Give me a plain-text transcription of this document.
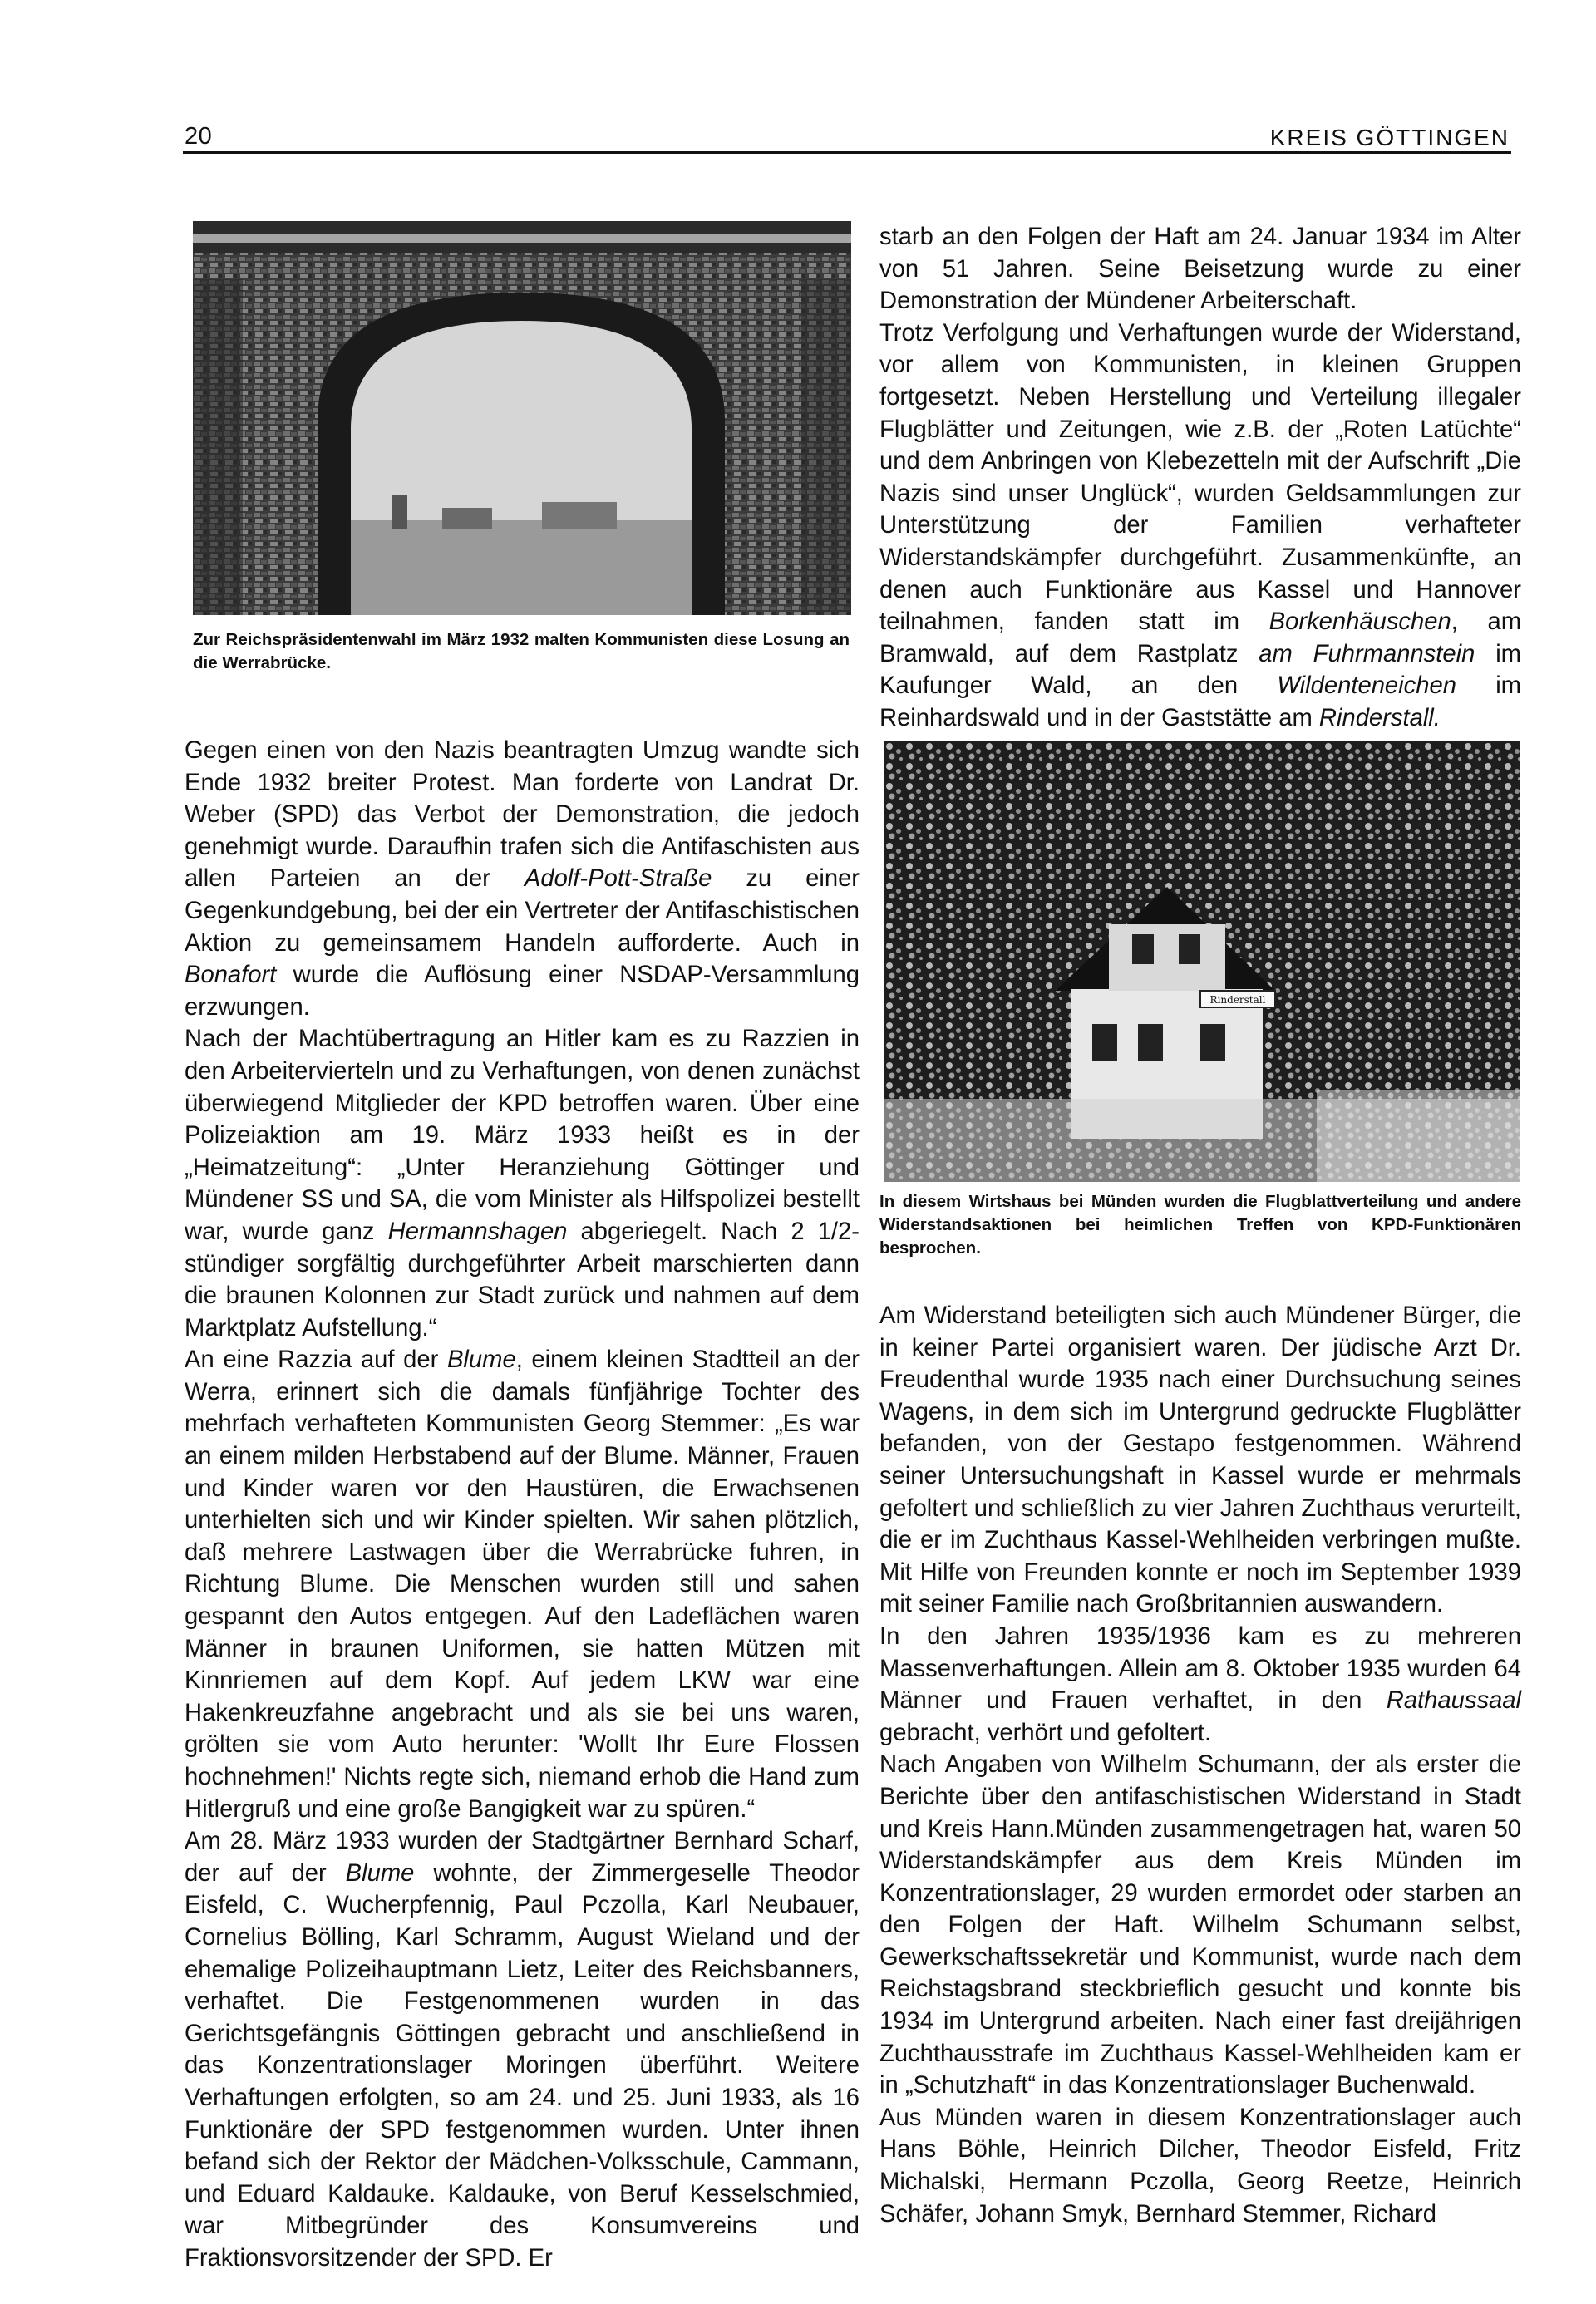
20	KREIS GÖTTINGEN

Zur Reichspräsidentenwahl im März 1932 malten Kommunisten diese Losung an die Werrabrücke.

starb an den Folgen der Haft am 24. Januar 1934 im Alter von 51 Jahren. Seine Beisetzung wurde zu einer Demonstration der Mündener Arbeiterschaft.

Trotz Verfolgung und Verhaftungen wurde der Widerstand, vor allem von Kommunisten, in kleinen Gruppen fortgesetzt. Neben Herstellung und Verteilung illegaler Flugblätter und Zeitungen, wie z.B. der „Roten Latüchte“ und dem Anbringen von Klebezetteln mit der Aufschrift „Die Nazis sind unser Unglück“, wurden Geldsammlungen zur Unterstützung der Familien verhafteter Widerstandskämpfer durchgeführt. Zusammenkünfte, an denen auch Funktionäre aus Kassel und Hannover teilnahmen, fanden statt im Borkenhäuschen, am Bramwald, auf dem Rastplatz am Fuhrmannstein im Kaufunger Wald, an den Wildenteneichen im Reinhardswald und in der Gaststätte am Rinderstall.

Gegen einen von den Nazis beantragten Umzug wandte sich Ende 1932 breiter Protest. Man forderte von Landrat Dr. Weber (SPD) das Verbot der Demonstration, die jedoch genehmigt wurde. Daraufhin trafen sich die Antifaschisten aus allen Parteien an der Adolf-Pott-Straße zu einer Gegenkundgebung, bei der ein Vertreter der Antifaschistischen Aktion zu gemeinsamem Handeln aufforderte. Auch in Bonafort wurde die Auflösung einer NSDAP-Versammlung erzwungen.

Nach der Machtübertragung an Hitler kam es zu Razzien in den Arbeitervierteln und zu Verhaftungen, von denen zunächst überwiegend Mitglieder der KPD betroffen waren. Über eine Polizeiaktion am 19. März 1933 heißt es in der „Heimatzeitung“: „Unter Heranziehung Göttinger und Mündener SS und SA, die vom Minister als Hilfspolizei bestellt war, wurde ganz Hermannshagen abgeriegelt. Nach 2 1/2-stündiger sorgfältig durchgeführter Arbeit marschierten dann die braunen Kolonnen zur Stadt zurück und nahmen auf dem Marktplatz Aufstellung.“

An eine Razzia auf der Blume, einem kleinen Stadtteil an der Werra, erinnert sich die damals fünfjährige Tochter des mehrfach verhafteten Kommunisten Georg Stemmer: „Es war an einem milden Herbstabend auf der Blume. Männer, Frauen und Kinder waren vor den Haustüren, die Erwachsenen unterhielten sich und wir Kinder spielten. Wir sahen plötzlich, daß mehrere Lastwagen über die Werrabrücke fuhren, in Richtung Blume. Die Menschen wurden still und sahen gespannt den Autos entgegen. Auf den Ladeflächen waren Männer in braunen Uniformen, sie hatten Mützen mit Kinnriemen auf dem Kopf. Auf jedem LKW war eine Hakenkreuzfahne angebracht und als sie bei uns waren, grölten sie vom Auto herunter: 'Wollt Ihr Eure Flossen hochnehmen!' Nichts regte sich, niemand erhob die Hand zum Hitlergruß und eine große Bangigkeit war zu spüren.“

Am 28. März 1933 wurden der Stadtgärtner Bernhard Scharf, der auf der Blume wohnte, der Zimmergeselle Theodor Eisfeld, C. Wucherpfennig, Paul Pczolla, Karl Neubauer, Cornelius Bölling, Karl Schramm, August Wieland und der ehemalige Polizeihauptmann Lietz, Leiter des Reichsbanners, verhaftet. Die Festgenommenen wurden in das Gerichtsgefängnis Göttingen gebracht und anschließend in das Konzentrationslager Moringen überführt. Weitere Verhaftungen erfolgten, so am 24. und 25. Juni 1933, als 16 Funktionäre der SPD festgenommen wurden. Unter ihnen befand sich der Rektor der Mädchen-Volksschule, Cammann, und Eduard Kaldauke. Kaldauke, von Beruf Kesselschmied, war Mitbegründer des Konsumvereins und Fraktionsvorsitzender der SPD. Er

Rinderstall

In diesem Wirtshaus bei Münden wurden die Flugblattverteilung und andere Widerstandsaktionen bei heimlichen Treffen von KPD-Funktionären besprochen.

Am Widerstand beteiligten sich auch Mündener Bürger, die in keiner Partei organisiert waren. Der jüdische Arzt Dr. Freudenthal wurde 1935 nach einer Durchsuchung seines Wagens, in dem sich im Untergrund gedruckte Flugblätter befanden, von der Gestapo festgenommen. Während seiner Untersuchungshaft in Kassel wurde er mehrmals gefoltert und schließlich zu vier Jahren Zuchthaus verurteilt, die er im Zuchthaus Kassel-Wehlheiden verbringen mußte. Mit Hilfe von Freunden konnte er noch im September 1939 mit seiner Familie nach Großbritannien auswandern.

In den Jahren 1935/1936 kam es zu mehreren Massenverhaftungen. Allein am 8. Oktober 1935 wurden 64 Männer und Frauen verhaftet, in den Rathaussaal gebracht, verhört und gefoltert.

Nach Angaben von Wilhelm Schumann, der als erster die Berichte über den antifaschistischen Widerstand in Stadt und Kreis Hann.Münden zusammengetragen hat, waren 50 Widerstandskämpfer aus dem Kreis Münden im Konzentrationslager, 29 wurden ermordet oder starben an den Folgen der Haft. Wilhelm Schumann selbst, Gewerkschaftssekretär und Kommunist, wurde nach dem Reichstagsbrand steckbrieflich gesucht und konnte bis 1934 im Untergrund arbeiten. Nach einer fast dreijährigen Zuchthausstrafe im Zuchthaus Kassel-Wehlheiden kam er in „Schutzhaft“ in das Konzentrationslager Buchenwald.

Aus Münden waren in diesem Konzentrationslager auch Hans Böhle, Heinrich Dilcher, Theodor Eisfeld, Fritz Michalski, Hermann Pczolla, Georg Reetze, Heinrich Schäfer, Johann Smyk, Bernhard Stemmer, Richard
